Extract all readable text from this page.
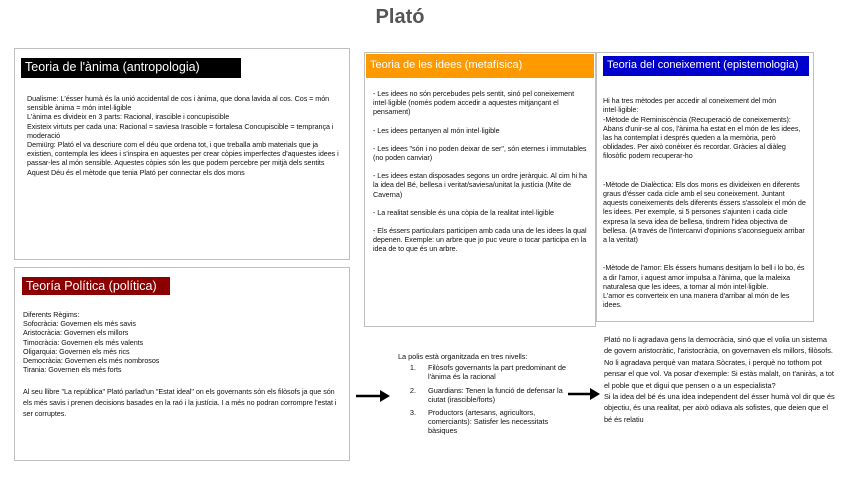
Plató
Teoria de l'ànima (antropologia)

Dualisme: L'ésser humà és la unió accidental de cos i ànima, que dona lavida al cos. Cos = món sensible ànima = món intel·ligible

L'ànima es divideix en 3 parts: Racional, irascible i concupiscible

Existeix virtuts per cada una: Racional = saviesa Irascible = fortalesa Concupiscible = temprança i moderació

Demiürg: Plató el va descriure com el déu que ordena tot, i que treballa amb materials que ja existien, contempla les idees i s'inspira en aquestes per crear còpies imperfectes d'aquestes idees i passar-les al món sensible. Aquestes còpies són les que podem percebre per mitjà dels sentits

Aquest Déu és el mètode que tenia Plató per connectar els dos mons

Teoría Política (política)

Diferents Règims:

Sofocràcia: Governen els més savis

Aristocràcia: Governen els millors

Timocràcia: Governen els més valents

Oligarquia: Governen els més rics

Democràcia: Governen els més nombrosos

Tirania: Governen els més forts

Al seu llibre "La república" Plató parlad'un "Estat ideal" on els governants són els filòsofs ja que són els més savis i prenen decisions basades en la raó i la justícia. I a més no podran corrompre l'estat i ser corruptes.

Teoria de les idees (metafísica)
- Les idees no són percebudes pels sentit, sinó pel coneixement intel·ligible (només podem accedir a aquestes mitjançant el pensament)
- Les idees pertanyen al món intel·ligible
- Les idees "són i no poden deixar de ser", són eternes i immutables (no poden canviar)
- Les idees estan disposades segons un ordre jeràrquic. Al cim hi ha la idea del Bé, bellesa i veritat/saviesa/unitat la justícia (Mite de Caverna)
- La realitat sensible és una còpia de la realitat intel·ligible
- Els éssers particulars participen amb cada una de les idees la qual depenen. Exemple: un arbre que jo puc veure o tocar participa en la idea de to que és un arbre.
Teoria del coneixement (epistemologia)

Hi ha tres mètodes per accedir al coneixement del món intel·ligible:
-Mètode de Reminiscència (Recuperació de coneixements): Abans d'unir-se al cos, l'ànima ha estat en el món de les idees, las ha contemplat i després queden a la memòria, però oblidades. Per això conèixer és recordar. Gràcies al diàleg filosòfic podem recuperar-ho

-Mètode de Dialèctica: Els dos mons es divideixen en diferents graus d'ésser cada cicle amb el seu coneixement. Juntant aquests coneixements dels diferents éssers s'assoleix el món de les idees. Per exemple, si 5 persones s'ajunten i cada cicle expresa la seva idea de bellesa, tindrem l'idea objectiva de bellesa. (A través de l'intercanvi d'opinions s'aconsegueix arribar a la veritat)

-Mètode de l'amor: Els éssers humans desitjam lo bell i lo bo, és a dir l'amor, i aquest amor impulsa a l'ànima, que la maleixa naturalesa que les idees, a tornar al món intel·ligible.
L'amor es converteix en una manera d'arribar al món de les idees.

La polis està organitzada en tres nivells:

1. Filòsofs governants la part predominant de l'ànima és la racional
2. Guardians: Tenen la funció de defensar la ciutat (irascible/forts)
3. Productors (artesans, agricultors, comerciants): Satisfer les necessitats bàsiques
Plató no li agradava gens la democràcia, sinó que el volia un sistema de govern aristocràtic, l'aristocràcia, on governaven els millors, filòsofs. No li agradava perquè van matara Sòcrates, i perquè no tothom pot pensar el que vol. Va posar d'exemple: Si estàs malalt, on t'aniràs, a tot el poble que et digui que pensen o a un especialista?
Si la idea del bé és una idea independent del ésser humà vol dir que és objectiu, és una realitat, per això odiava als sofistes, que deien que el bé és relatiu
